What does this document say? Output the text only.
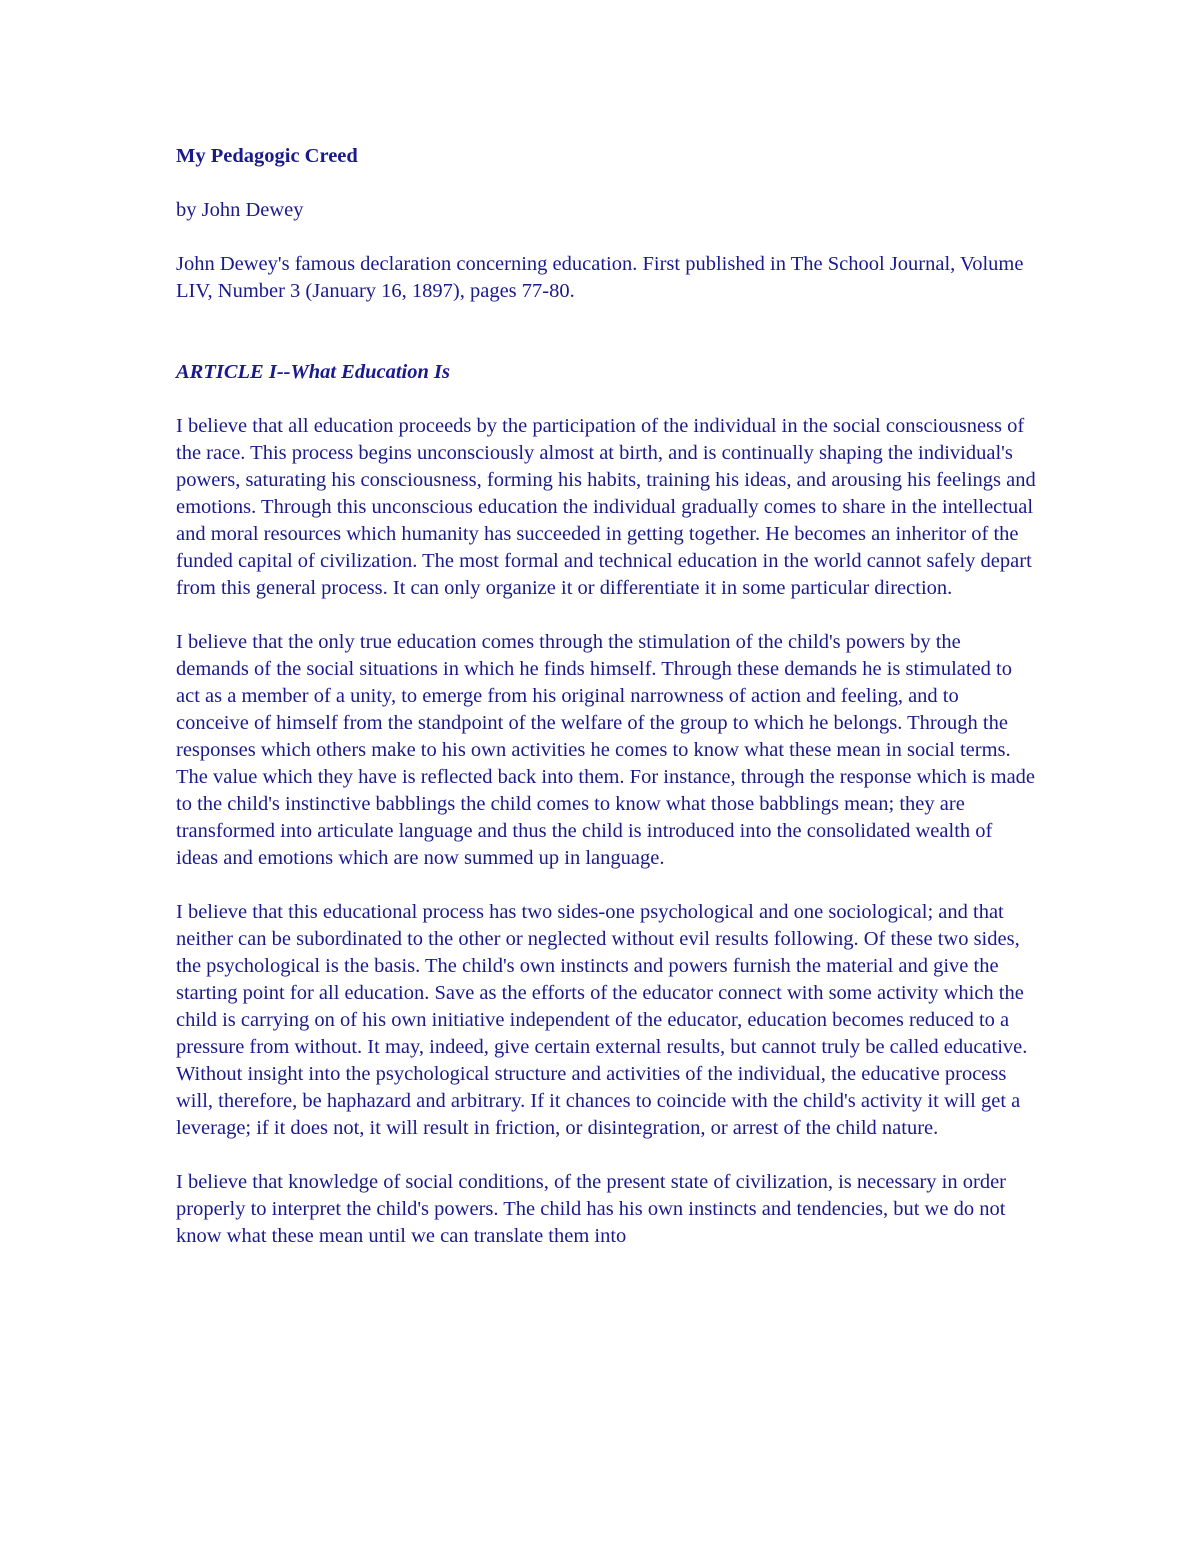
My Pedagogic Creed

by John Dewey

John Dewey's famous declaration concerning education. First published in The School Journal, Volume LIV, Number 3 (January 16, 1897), pages 77-80.

ARTICLE I--What Education Is

I believe that all education proceeds by the participation of the individual in the social consciousness of the race. This process begins unconsciously almost at birth, and is continually shaping the individual's powers, saturating his consciousness, forming his habits, training his ideas, and arousing his feelings and emotions. Through this unconscious education the individual gradually comes to share in the intellectual and moral resources which humanity has succeeded in getting together. He becomes an inheritor of the funded capital of civilization. The most formal and technical education in the world cannot safely depart from this general process. It can only organize it or differentiate it in some particular direction.

I believe that the only true education comes through the stimulation of the child's powers by the demands of the social situations in which he finds himself. Through these demands he is stimulated to act as a member of a unity, to emerge from his original narrowness of action and feeling, and to conceive of himself from the standpoint of the welfare of the group to which he belongs. Through the responses which others make to his own activities he comes to know what these mean in social terms. The value which they have is reflected back into them. For instance, through the response which is made to the child's instinctive babblings the child comes to know what those babblings mean; they are transformed into articulate language and thus the child is introduced into the consolidated wealth of ideas and emotions which are now summed up in language.

I believe that this educational process has two sides-one psychological and one sociological; and that neither can be subordinated to the other or neglected without evil results following. Of these two sides, the psychological is the basis. The child's own instincts and powers furnish the material and give the starting point for all education. Save as the efforts of the educator connect with some activity which the child is carrying on of his own initiative independent of the educator, education becomes reduced to a pressure from without. It may, indeed, give certain external results, but cannot truly be called educative. Without insight into the psychological structure and activities of the individual, the educative process will, therefore, be haphazard and arbitrary. If it chances to coincide with the child's activity it will get a leverage; if it does not, it will result in friction, or disintegration, or arrest of the child nature.

I believe that knowledge of social conditions, of the present state of civilization, is necessary in order properly to interpret the child's powers. The child has his own instincts and tendencies, but we do not know what these mean until we can translate them into
